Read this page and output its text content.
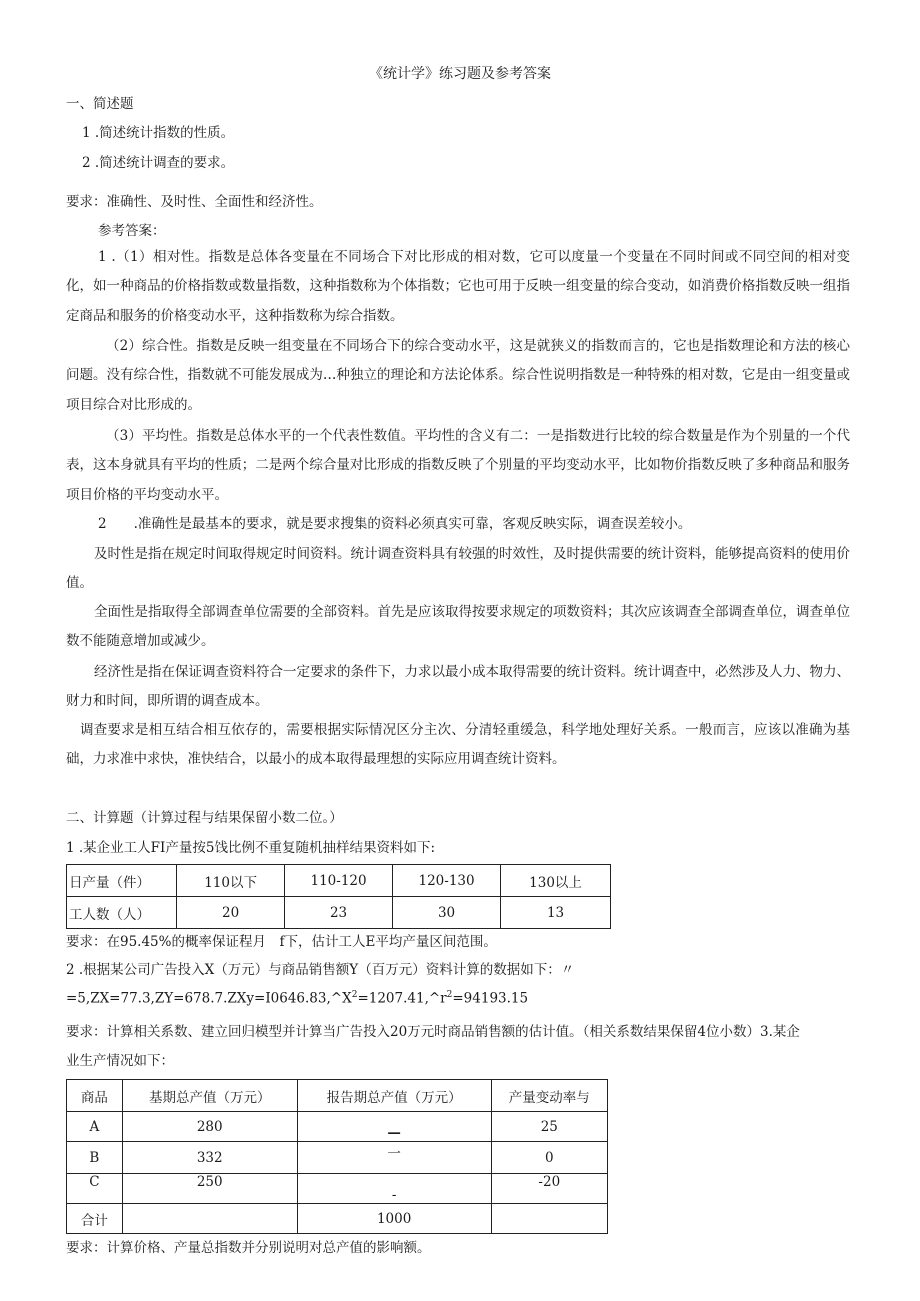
《统计学》练习题及参考答案
一、简述题
1 .简述统计指数的性质。
2 .简述统计调查的要求。
要求：准确性、及时性、全面性和经济性。
参考答案：
1 .（1）相对性。指数是总体各变量在不同场合下对比形成的相对数，它可以度量一个变量在不同时间或不同空间的相对变化，如一种商品的价格指数或数量指数，这种指数称为个体指数；它也可用于反映一组变量的综合变动，如消费价格指数反映一组指定商品和服务的价格变动水平，这种指数称为综合指数。
（2）综合性。指数是反映一组变量在不同场合下的综合变动水平，这是就狭义的指数而言的，它也是指数理论和方法的核心问题。没有综合性，指数就不可能发展成为…种独立的理论和方法论体系。综合性说明指数是一种特殊的相对数，它是由一组变量或项目综合对比形成的。
（3）平均性。指数是总体水平的一个代表性数值。平均性的含义有二：一是指数进行比较的综合数量是作为个别量的一个代表，这本身就具有平均的性质；二是两个综合量对比形成的指数反映了个别量的平均变动水平，比如物价指数反映了多种商品和服务项目价格的平均变动水平。
2　　.准确性是最基本的要求，就是要求搜集的资料必须真实可靠，客观反映实际，调查误差较小。
及时性是指在规定时间取得规定时间资料。统计调查资料具有较强的时效性，及时提供需要的统计资料，能够提高资料的使用价值。
全面性是指取得全部调查单位需要的全部资料。首先是应该取得按要求规定的项数资料；其次应该调查全部调查单位，调查单位数不能随意增加或减少。
经济性是指在保证调查资料符合一定要求的条件下，力求以最小成本取得需要的统计资料。统计调查中，必然涉及人力、物力、财力和时间，即所谓的调查成本。
调查要求是相互结合相互依存的，需要根据实际情况区分主次、分清轻重缓急，科学地处理好关系。一般而言，应该以准确为基础，力求准中求快，准快结合，以最小的成本取得最理想的实际应用调查统计资料。
二、计算题（计算过程与结果保留小数二位。）
1 .某企业工人FI产量按5饯比例不重复随机抽样结果资料如下:
日产量（件）	110以下	110-120	120-130	130以上
工人数（人）	20	23	30	13
要求：在95.45%的概率保证程月　f下，估计工人E平均产量区间范围。
2 .根据某公司广告投入X（万元）与商品销售额Y（百万元）资料计算的数据如下：〃
$=5,ZX=77.3,ZY=678.7.ZXy=I0646.83,\^{}X^2=1207.41,\^{}r^2=94193.15$
要求：计算相关系数、建立回归模型并计算当广告投入20万元时商品销售额的估计值。（相关系数结果保留4位小数）3.某企
业生产情况如下：
商品	基期总产值（万元）	报告期总产值（万元）	产量变动率与
A	280	—	25
B	332	一	0
C	250	-	-20
合计		1000	
要求：计算价格、产量总指数并分别说明对总产值的影响额。
